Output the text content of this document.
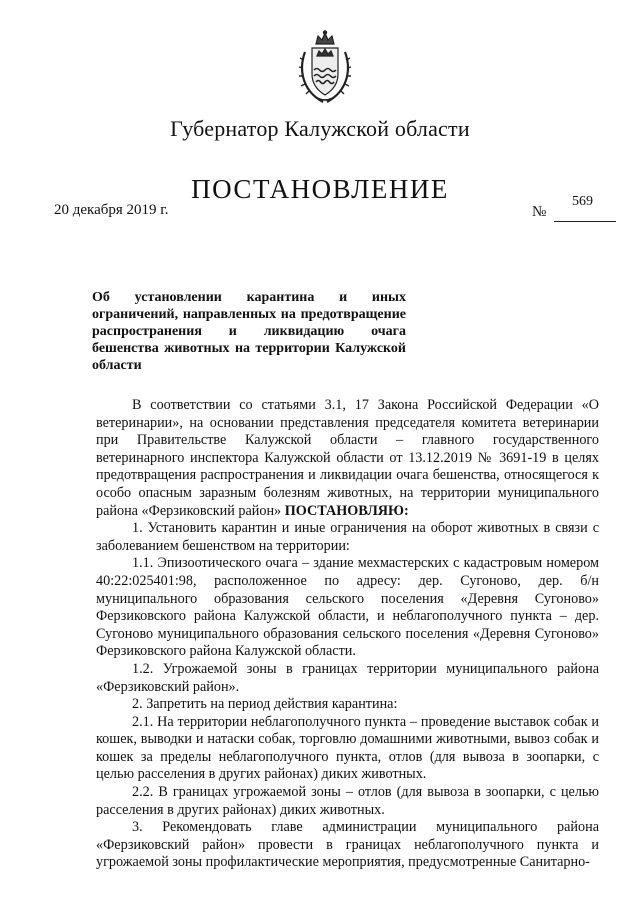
Губернатор Калужской области
ПОСТАНОВЛЕНИЕ
20 декабря 2019 г.	№
569
Об установлении карантина и иных ограничений, направленных на предотвращение распространения и ликвидацию очага бешенства животных на территории Калужской области

В соответствии со статьями 3.1, 17 Закона Российской Федерации «О ветеринарии», на основании представления председателя комитета ветеринарии при Правительстве Калужской области – главного государственного ветеринарного инспектора Калужской области от 13.12.2019 № 3691-19 в целях предотвращения распространения и ликвидации очага бешенства, относящегося к особо опасным заразным болезням животных, на территории муниципального района «Ферзиковский район» ПОСТАНОВЛЯЮ:

1. Установить карантин и иные ограничения на оборот животных в связи с заболеванием бешенством на территории:

1.1. Эпизоотического очага – здание мехмастерских с кадастровым номером 40:22:025401:98, расположенное по адресу: дер. Сугоново, дер. б/н муниципального образования сельского поселения «Деревня Сугоново» Ферзиковского района Калужской области, и неблагополучного пункта – дер. Сугоново муниципального образования сельского поселения «Деревня Сугоново» Ферзиковского района Калужской области.

1.2. Угрожаемой зоны в границах территории муниципального района «Ферзиковский район».

2. Запретить на период действия карантина:

2.1. На территории неблагополучного пункта – проведение выставок собак и кошек, выводки и натаски собак, торговлю домашними животными, вывоз собак и кошек за пределы неблагополучного пункта, отлов (для вывоза в зоопарки, с целью расселения в других районах) диких животных.

2.2. В границах угрожаемой зоны – отлов (для вывоза в зоопарки, с целью расселения в других районах) диких животных.

3. Рекомендовать главе администрации муниципального района «Ферзиковский район» провести в границах неблагополучного пункта и угрожаемой зоны профилактические мероприятия, предусмотренные Санитарно-
